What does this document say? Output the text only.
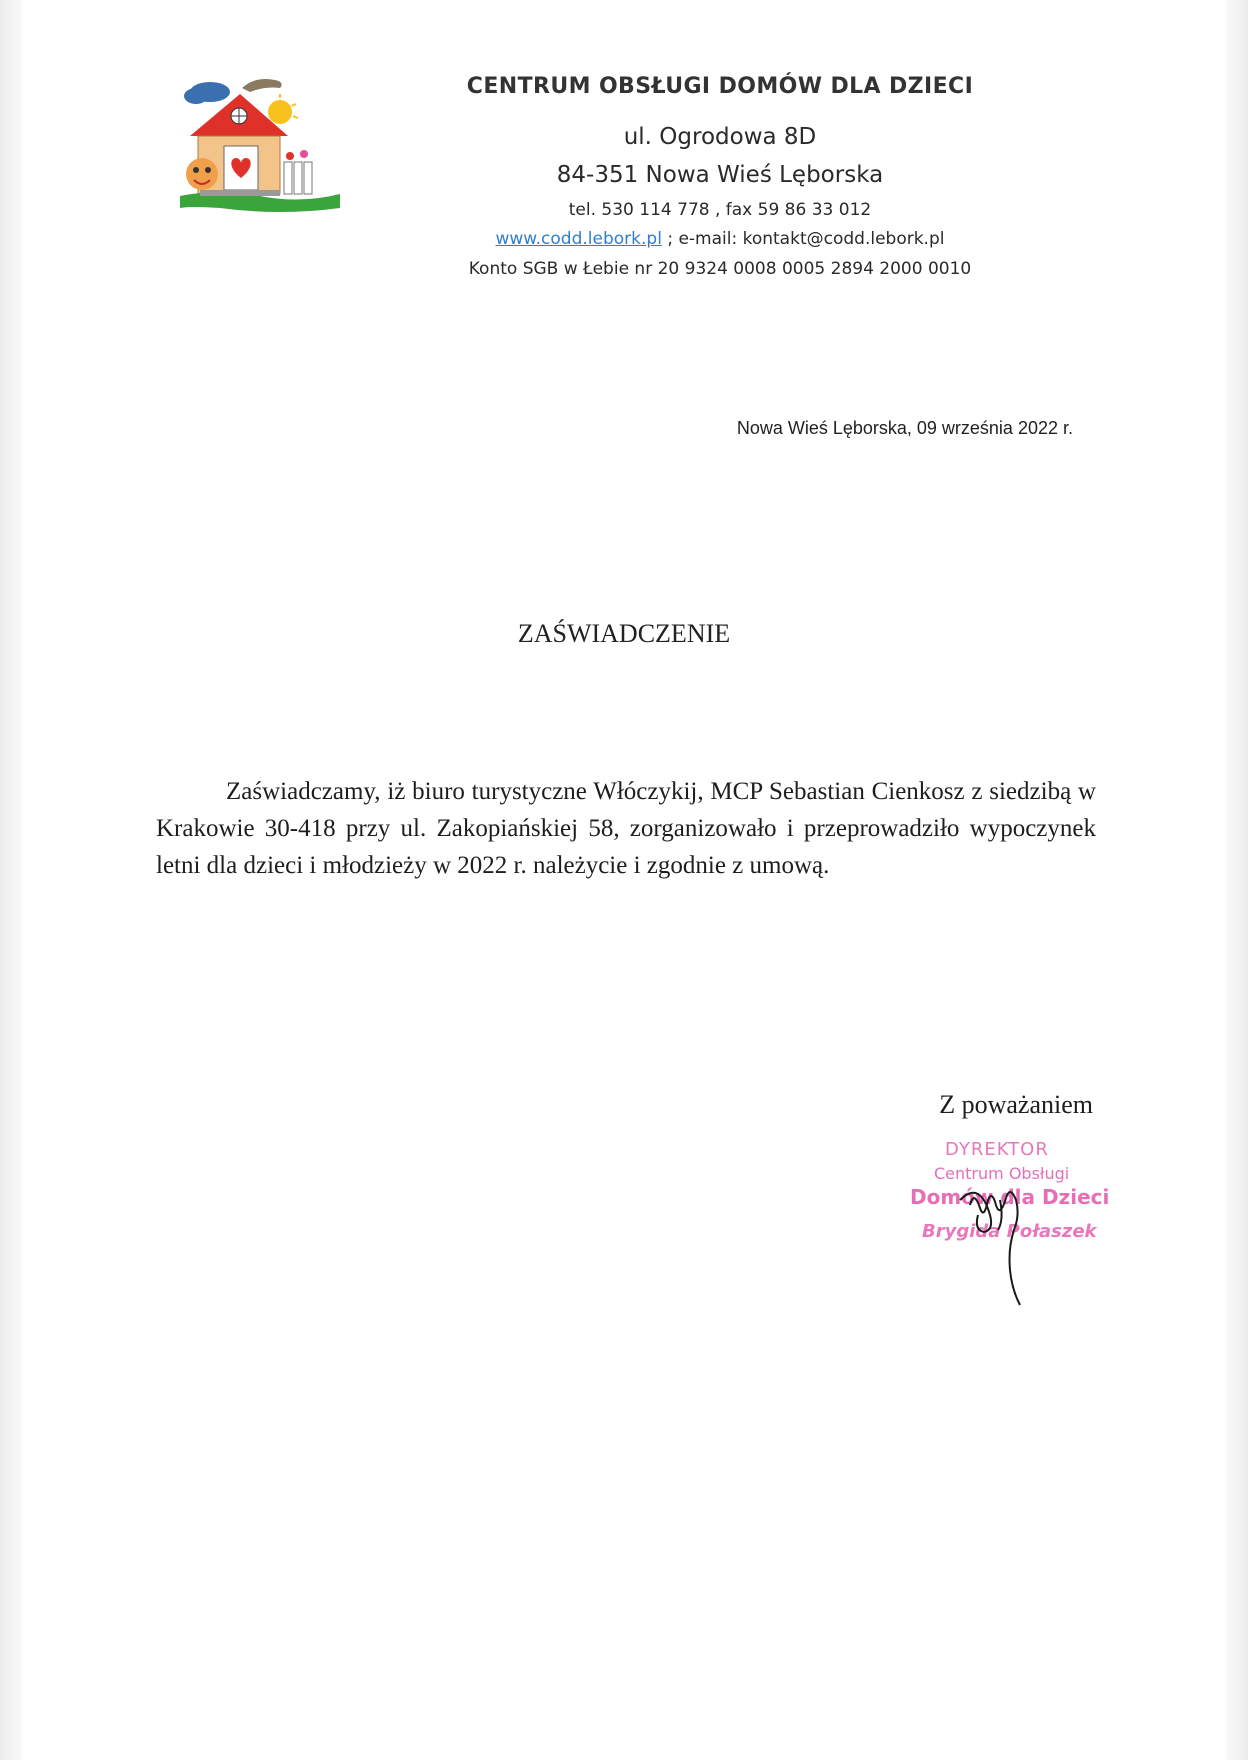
CENTRUM OBSŁUGI DOMÓW DLA DZIECI
ul. Ogrodowa 8D
84-351 Nowa Wieś Lęborska
tel. 530 114 778 , fax 59 86 33 012
www.codd.lebork.pl ; e-mail: kontakt@codd.lebork.pl
Konto SGB w Łebie nr 20 9324 0008 0005 2894 2000 0010
Nowa Wieś Lęborska, 09 września 2022 r.
ZAŚWIADCZENIE
Zaświadczamy, iż biuro turystyczne Włóczykij, MCP Sebastian Cienkosz z siedzibą w Krakowie 30-418 przy ul. Zakopiańskiej 58, zorganizowało i przeprowadziło wypoczynek letni dla dzieci i młodzieży w 2022 r. należycie i zgodnie z umową.
Z poważaniem
DYREKTOR
Centrum Obsługi
Domów dla Dzieci
Brygida Połaszek
